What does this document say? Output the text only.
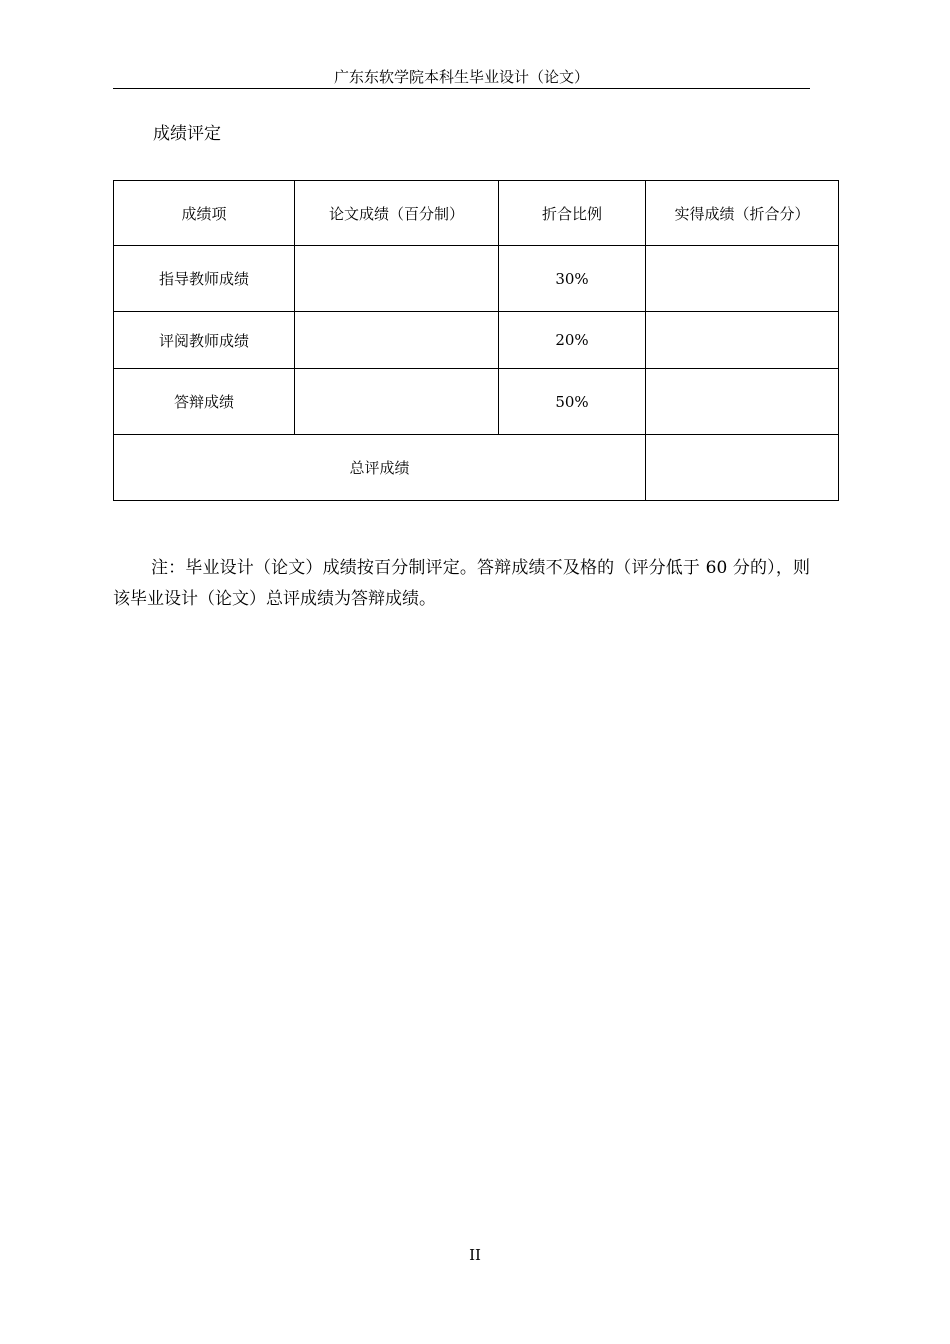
广东东软学院本科生毕业设计（论文）
成绩评定
成绩项	论文成绩（百分制）	折合比例	实得成绩（折合分）
指导教师成绩		30%	
评阅教师成绩		20%	
答辩成绩		50%	
总评成绩			

注：毕业设计（论文）成绩按百分制评定。答辩成绩不及格的（评分低于 60 分的），则该毕业设计（论文）总评成绩为答辩成绩。

II
